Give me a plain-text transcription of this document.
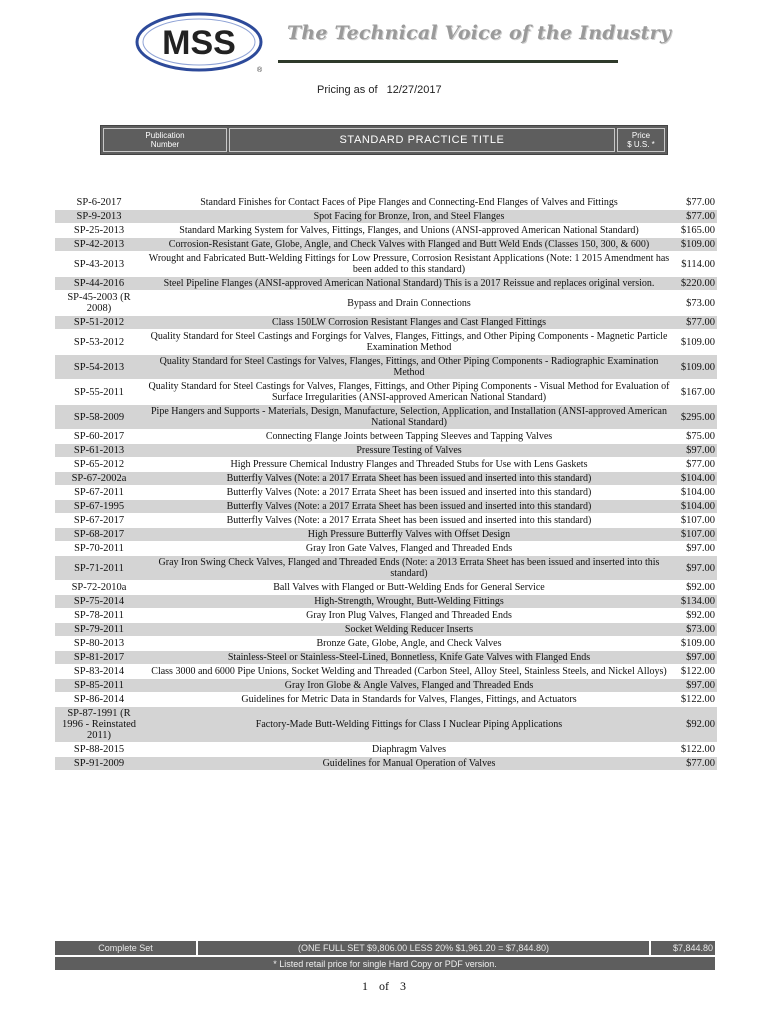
MSS
®
The Technical Voice of the Industry
Pricing as of 12/27/2017
Publication
Number	STANDARD PRACTICE TITLE	Price
$ U.S. *
SP-6-2017	Standard Finishes for Contact Faces of Pipe Flanges and Connecting-End Flanges of Valves and Fittings	$77.00
SP-9-2013	Spot Facing for Bronze, Iron, and Steel Flanges	$77.00
SP-25-2013	Standard Marking System for Valves, Fittings, Flanges, and Unions (ANSI-approved American National Standard)	$165.00
SP-42-2013	Corrosion-Resistant Gate, Globe, Angle, and Check Valves with Flanged and Butt Weld Ends (Classes 150, 300, & 600)	$109.00
SP-43-2013	Wrought and Fabricated Butt-Welding Fittings for Low Pressure, Corrosion Resistant Applications (Note: 1 2015 Amendment has been added to this standard)	$114.00
SP-44-2016	Steel Pipeline Flanges (ANSI-approved American National Standard) This is a 2017 Reissue and replaces original version.	$220.00
SP-45-2003 (R 2008)	Bypass and Drain Connections	$73.00
SP-51-2012	Class 150LW Corrosion Resistant Flanges and Cast Flanged Fittings	$77.00
SP-53-2012	Quality Standard for Steel Castings and Forgings for Valves, Flanges, Fittings, and Other Piping Components - Magnetic Particle Examination Method	$109.00
SP-54-2013	Quality Standard for Steel Castings for Valves, Flanges, Fittings, and Other Piping Components - Radiographic Examination Method	$109.00
SP-55-2011	Quality Standard for Steel Castings for Valves, Flanges, Fittings, and Other Piping Components - Visual Method for Evaluation of Surface Irregularities (ANSI-approved American National Standard)	$167.00
SP-58-2009	Pipe Hangers and Supports - Materials, Design, Manufacture, Selection, Application, and Installation (ANSI-approved American National Standard)	$295.00
SP-60-2017	Connecting Flange Joints between Tapping Sleeves and Tapping Valves	$75.00
SP-61-2013	Pressure Testing of Valves	$97.00
SP-65-2012	High Pressure Chemical Industry Flanges and Threaded Stubs for Use with Lens Gaskets	$77.00
SP-67-2002a	Butterfly Valves (Note: a 2017 Errata Sheet has been issued and inserted into this standard)	$104.00
SP-67-2011	Butterfly Valves (Note: a 2017 Errata Sheet has been issued and inserted into this standard)	$104.00
SP-67-1995	Butterfly Valves (Note: a 2017 Errata Sheet has been issued and inserted into this standard)	$104.00
SP-67-2017	Butterfly Valves (Note: a 2017 Errata Sheet has been issued and inserted into this standard)	$107.00
SP-68-2017	High Pressure Butterfly Valves with Offset Design	$107.00
SP-70-2011	Gray Iron Gate Valves, Flanged and Threaded Ends	$97.00
SP-71-2011	Gray Iron Swing Check Valves, Flanged and Threaded Ends (Note: a 2013 Errata Sheet has been issued and inserted into this standard)	$97.00
SP-72-2010a	Ball Valves with Flanged or Butt-Welding Ends for General Service	$92.00
SP-75-2014	High-Strength, Wrought, Butt-Welding Fittings	$134.00
SP-78-2011	Gray Iron Plug Valves, Flanged and Threaded Ends	$92.00
SP-79-2011	Socket Welding Reducer Inserts	$73.00
SP-80-2013	Bronze Gate, Globe, Angle, and Check Valves	$109.00
SP-81-2017	Stainless-Steel or Stainless-Steel-Lined, Bonnetless, Knife Gate Valves with Flanged Ends	$97.00
SP-83-2014	Class 3000 and 6000 Pipe Unions, Socket Welding and Threaded (Carbon Steel, Alloy Steel, Stainless Steels, and Nickel Alloys)	$122.00
SP-85-2011	Gray Iron Globe & Angle Valves, Flanged and Threaded Ends	$97.00
SP-86-2014	Guidelines for Metric Data in Standards for Valves, Flanges, Fittings, and Actuators	$122.00
SP-87-1991 (R 1996 - Reinstated 2011)	Factory-Made Butt-Welding Fittings for Class I Nuclear Piping Applications	$92.00
SP-88-2015	Diaphragm Valves	$122.00
SP-91-2009	Guidelines for Manual Operation of Valves	$77.00
Complete Set	(ONE FULL SET $9,806.00 LESS 20% $1,961.20 = $7,844.80)	$7,844.80
* Listed retail price for single Hard Copy or PDF version.
1 of 3
